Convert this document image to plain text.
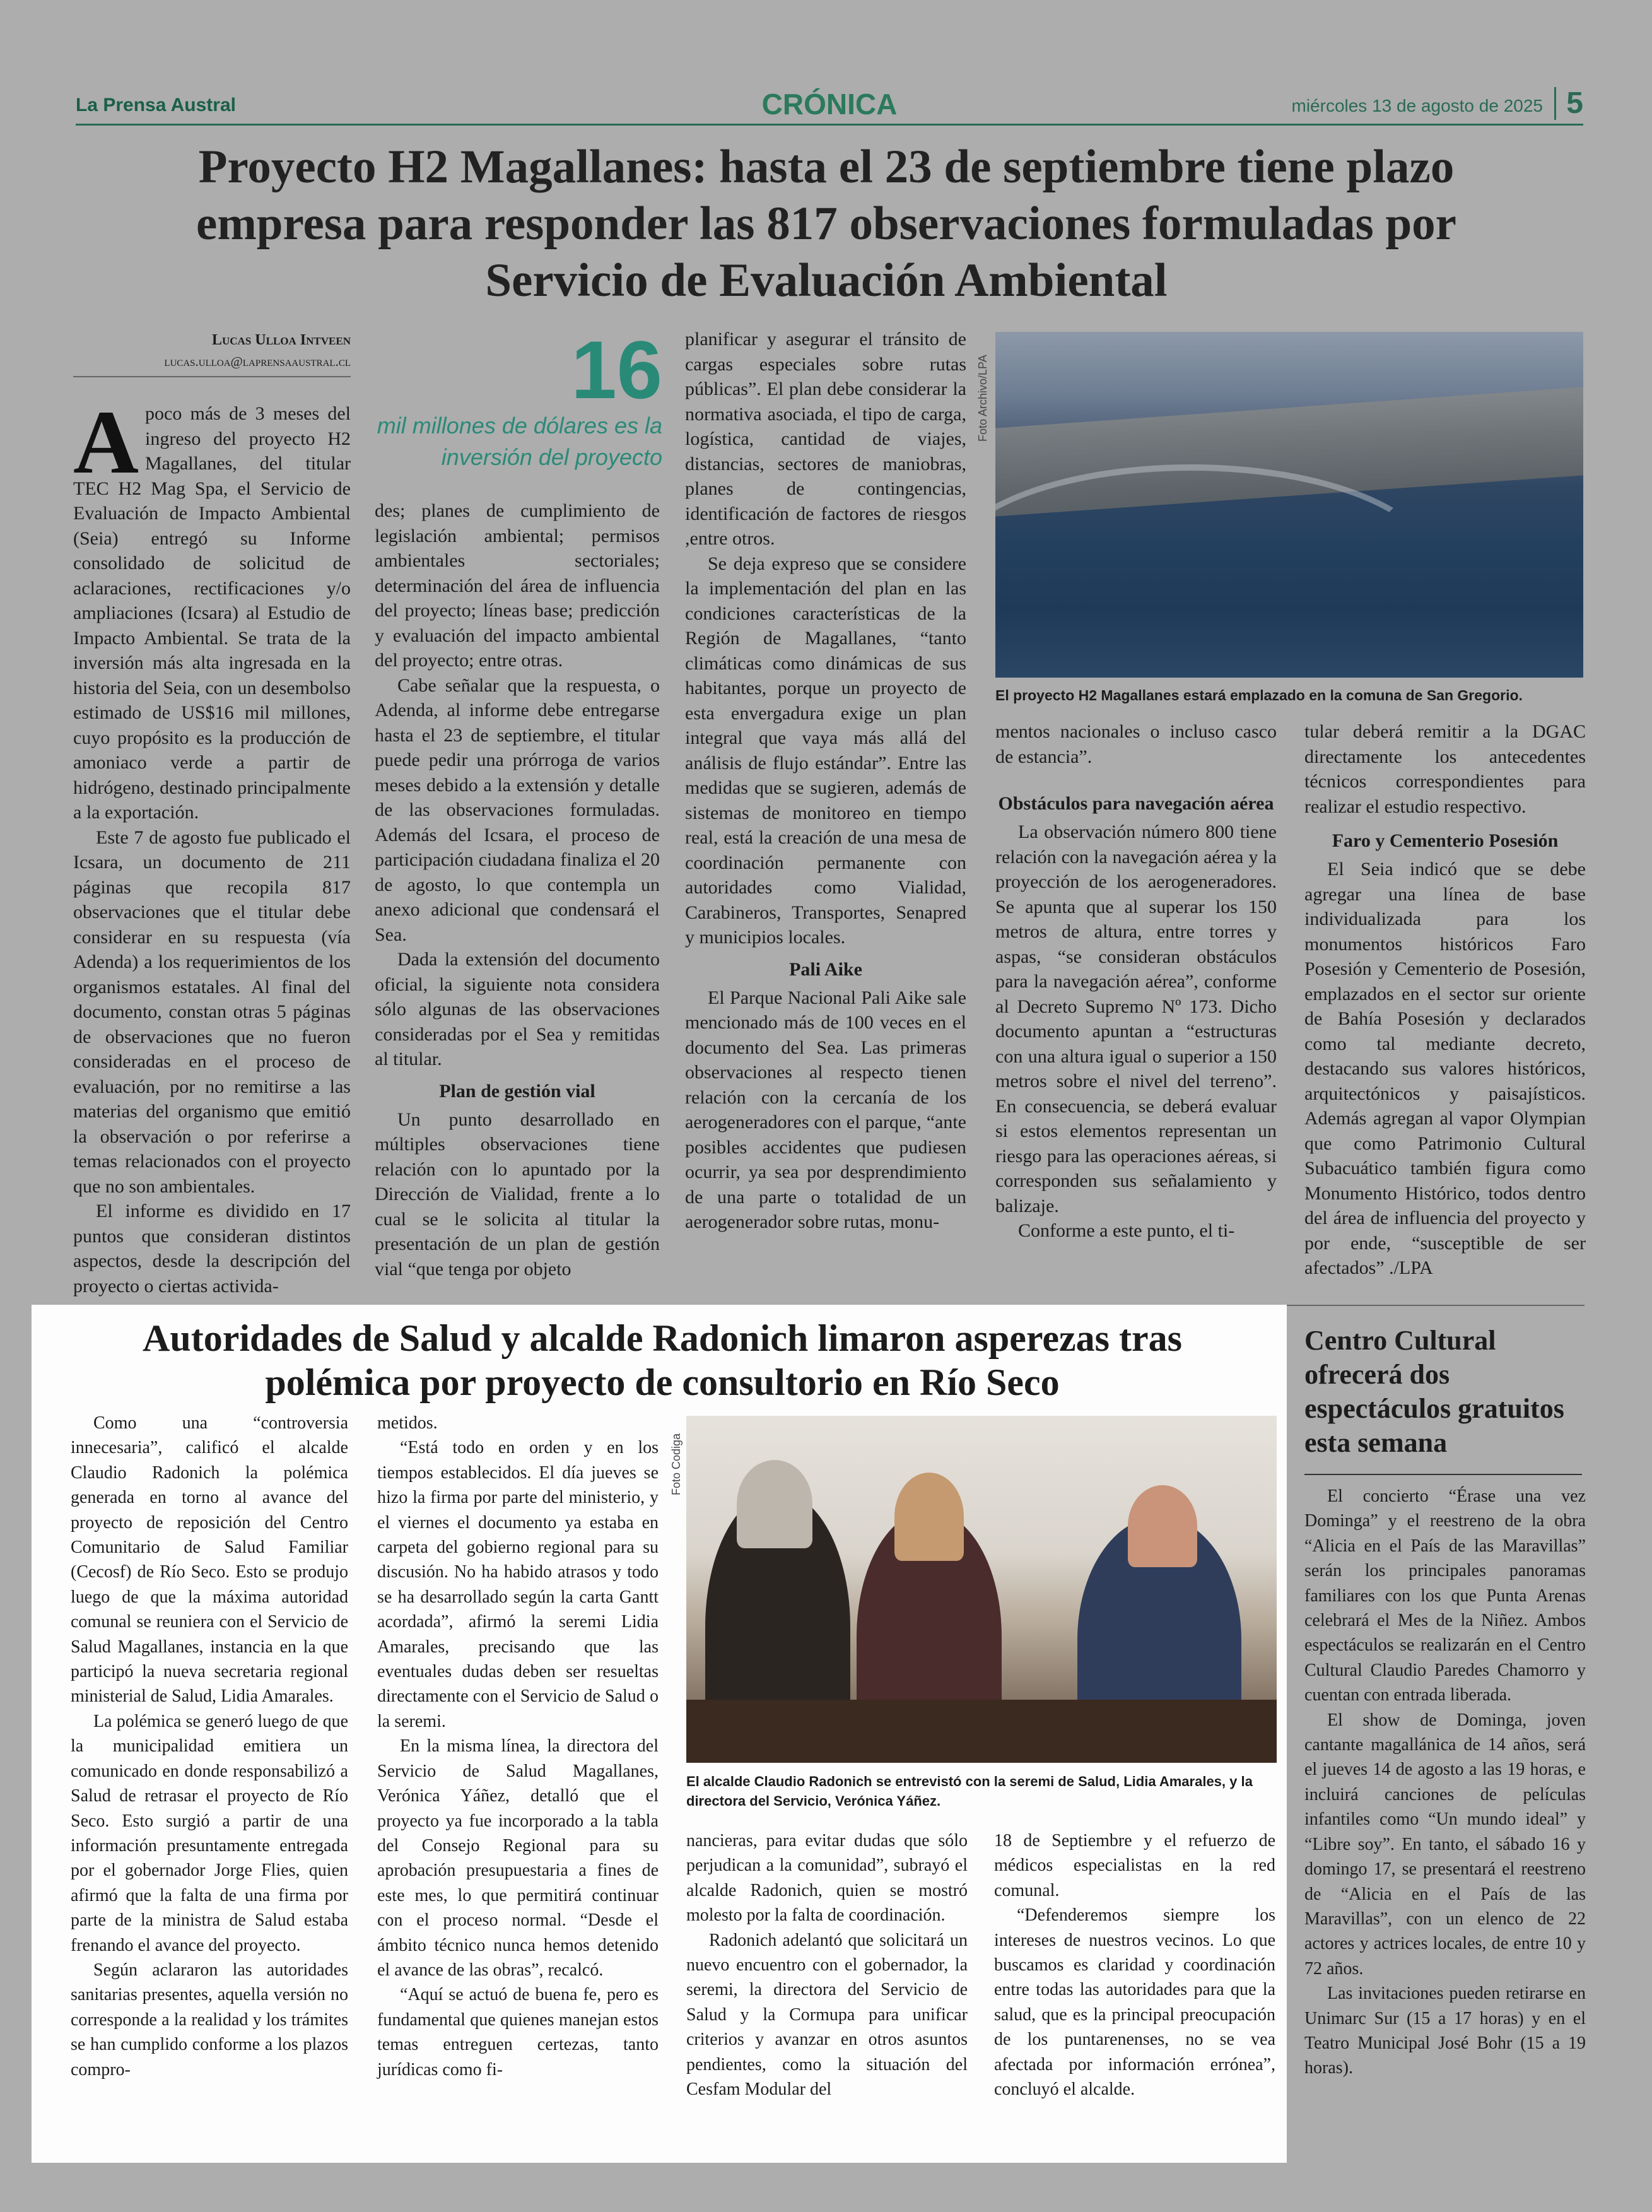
La Prensa Austral	CRÓNICA	miércoles 13 de agosto de 2025 5
Proyecto H2 Magallanes: hasta el 23 de septiembre tiene plazo empresa para responder las 817 observaciones formuladas por Servicio de Evaluación Ambiental
Lucas Ulloa Intveen
lucas.ulloa@laprensaaustral.cl	16
mil millones de dólares es la inversión del proyecto
A poco más de 3 meses del ingreso del proyecto H2 Magallanes, del titular TEC H2 Mag Spa, el Servicio de Evaluación de Impacto Ambiental (Seia) entregó su Informe consolidado de solicitud de aclaraciones, rectificaciones y/o ampliaciones (Icsara) al Estudio de Impacto Ambiental. Se trata de la inversión más alta ingresada en la historia del Seia, con un desembolso estimado de US$16 mil millones, cuyo propósito es la producción de amoniaco verde a partir de hidrógeno, destinado principalmente a la exportación.

Este 7 de agosto fue publicado el Icsara, un documento de 211 páginas que recopila 817 observaciones que el titular debe considerar en su respuesta (vía Adenda) a los requerimientos de los organismos estatales. Al final del documento, constan otras 5 páginas de observaciones que no fueron consideradas en el proceso de evaluación, por no remitirse a las materias del organismo que emitió la observación o por referirse a temas relacionados con el proyecto que no son ambientales.

El informe es dividido en 17 puntos que consideran distintos aspectos, desde la descripción del proyecto o ciertas activida-

des; planes de cumplimiento de legislación ambiental; permisos ambientales sectoriales; determinación del área de influencia del proyecto; líneas base; predicción y evaluación del impacto ambiental del proyecto; entre otras.

Cabe señalar que la respuesta, o Adenda, al informe debe entregarse hasta el 23 de septiembre, el titular puede pedir una prórroga de varios meses debido a la extensión y detalle de las observaciones formuladas. Además del Icsara, el proceso de participación ciudadana finaliza el 20 de agosto, lo que contempla un anexo adicional que condensará el Sea.

Dada la extensión del documento oficial, la siguiente nota considera sólo algunas de las observaciones consideradas por el Sea y remitidas al titular.

Plan de gestión vial

Un punto desarrollado en múltiples observaciones tiene relación con lo apuntado por la Dirección de Vialidad, frente a lo cual se le solicita al titular la presentación de un plan de gestión vial “que tenga por objeto

planificar y asegurar el tránsito de cargas especiales sobre rutas públicas”. El plan debe considerar la normativa asociada, el tipo de carga, logística, cantidad de viajes, distancias, sectores de maniobras, planes de contingencias, identificación de factores de riesgos ,entre otros.

Se deja expreso que se considere la implementación del plan en las condiciones características de la Región de Magallanes, “tanto climáticas como dinámicas de sus habitantes, porque un proyecto de esta envergadura exige un plan integral que vaya más allá del análisis de flujo estándar”. Entre las medidas que se sugieren, además de sistemas de monitoreo en tiempo real, está la creación de una mesa de coordinación permanente con autoridades como Vialidad, Carabineros, Transportes, Senapred y municipios locales.

Pali Aike

El Parque Nacional Pali Aike sale mencionado más de 100 veces en el documento del Sea. Las primeras observaciones al respecto tienen relación con la cercanía de los aerogeneradores con el parque, “ante posibles accidentes que pudiesen ocurrir, ya sea por desprendimiento de una parte o totalidad de un aerogenerador sobre rutas, monu-

Foto Archivo/LPA
El proyecto H2 Magallanes estará emplazado en la comuna de San Gregorio.

mentos nacionales o incluso casco de estancia”.

Obstáculos para navegación aérea

La observación número 800 tiene relación con la navegación aérea y la proyección de los aerogeneradores. Se apunta que al superar los 150 metros de altura, entre torres y aspas, “se consideran obstáculos para la navegación aérea”, conforme al Decreto Supremo Nº 173. Dicho documento apuntan a “estructuras con una altura igual o superior a 150 metros sobre el nivel del terreno”. En consecuencia, se deberá evaluar si estos elementos representan un riesgo para las operaciones aéreas, si corresponden sus señalamiento y balizaje.

Conforme a este punto, el ti-

tular deberá remitir a la DGAC directamente los antecedentes técnicos correspondientes para realizar el estudio respectivo.

Faro y Cementerio Posesión

El Seia indicó que se debe agregar una línea de base individualizada para los monumentos históricos Faro Posesión y Cementerio de Posesión, emplazados en el sector sur oriente de Bahía Posesión y declarados como tal mediante decreto, destacando sus valores históricos, arquitectónicos y paisajísticos. Además agregan al vapor Olympian que como Patrimonio Cultural Subacuático también figura como Monumento Histórico, todos dentro del área de influencia del proyecto y por ende, “susceptible de ser afectados” ./LPA

Autoridades de Salud y alcalde Radonich limaron asperezas tras polémica por proyecto de consultorio en Río Seco

Como una “controversia innecesaria”, calificó el alcalde Claudio Radonich la polémica generada en torno al avance del proyecto de reposición del Centro Comunitario de Salud Familiar (Cecosf) de Río Seco. Esto se produjo luego de que la máxima autoridad comunal se reuniera con el Servicio de Salud Magallanes, instancia en la que participó la nueva secretaria regional ministerial de Salud, Lidia Amarales.

La polémica se generó luego de que la municipalidad emitiera un comunicado en donde responsabilizó a Salud de retrasar el proyecto de Río Seco. Esto surgió a partir de una información presuntamente entregada por el gobernador Jorge Flies, quien afirmó que la falta de una firma por parte de la ministra de Salud estaba frenando el avance del proyecto.

Según aclararon las autoridades sanitarias presentes, aquella versión no corresponde a la realidad y los trámites se han cumplido conforme a los plazos compro-

metidos.

“Está todo en orden y en los tiempos establecidos. El día jueves se hizo la firma por parte del ministerio, y el viernes el documento ya estaba en carpeta del gobierno regional para su discusión. No ha habido atrasos y todo se ha desarrollado según la carta Gantt acordada”, afirmó la seremi Lidia Amarales, precisando que las eventuales dudas deben ser resueltas directamente con el Servicio de Salud o la seremi.

En la misma línea, la directora del Servicio de Salud Magallanes, Verónica Yáñez, detalló que el proyecto ya fue incorporado a la tabla del Consejo Regional para su aprobación presupuestaria a fines de este mes, lo que permitirá continuar con el proceso normal. “Desde el ámbito técnico nunca hemos detenido el avance de las obras”, recalcó.

“Aquí se actuó de buena fe, pero es fundamental que quienes manejan estos temas entreguen certezas, tanto jurídicas como fi-

Foto Codiga
El alcalde Claudio Radonich se entrevistó con la seremi de Salud, Lidia Amarales, y la directora del Servicio, Verónica Yáñez.

nancieras, para evitar dudas que sólo perjudican a la comunidad”, subrayó el alcalde Radonich, quien se mostró molesto por la falta de coordinación.

Radonich adelantó que solicitará un nuevo encuentro con el gobernador, la seremi, la directora del Servicio de Salud y la Cormupa para unificar criterios y avanzar en otros asuntos pendientes, como la situación del Cesfam Modular del

18 de Septiembre y el refuerzo de médicos especialistas en la red comunal.

“Defenderemos siempre los intereses de nuestros vecinos. Lo que buscamos es claridad y coordinación entre todas las autoridades para que la salud, que es la principal preocupación de los puntarenenses, no se vea afectada por información errónea”, concluyó el alcalde.

Centro Cultural ofrecerá dos espectáculos gratuitos esta semana

El concierto “Érase una vez Dominga” y el reestreno de la obra “Alicia en el País de las Maravillas” serán los principales panoramas familiares con los que Punta Arenas celebrará el Mes de la Niñez. Ambos espectáculos se realizarán en el Centro Cultural Claudio Paredes Chamorro y cuentan con entrada liberada.

El show de Dominga, joven cantante magallánica de 14 años, será el jueves 14 de agosto a las 19 horas, e incluirá canciones de películas infantiles como “Un mundo ideal” y “Libre soy”. En tanto, el sábado 16 y domingo 17, se presentará el reestreno de “Alicia en el País de las Maravillas”, con un elenco de 22 actores y actrices locales, de entre 10 y 72 años.

Las invitaciones pueden retirarse en Unimarc Sur (15 a 17 horas) y en el Teatro Municipal José Bohr (15 a 19 horas).
